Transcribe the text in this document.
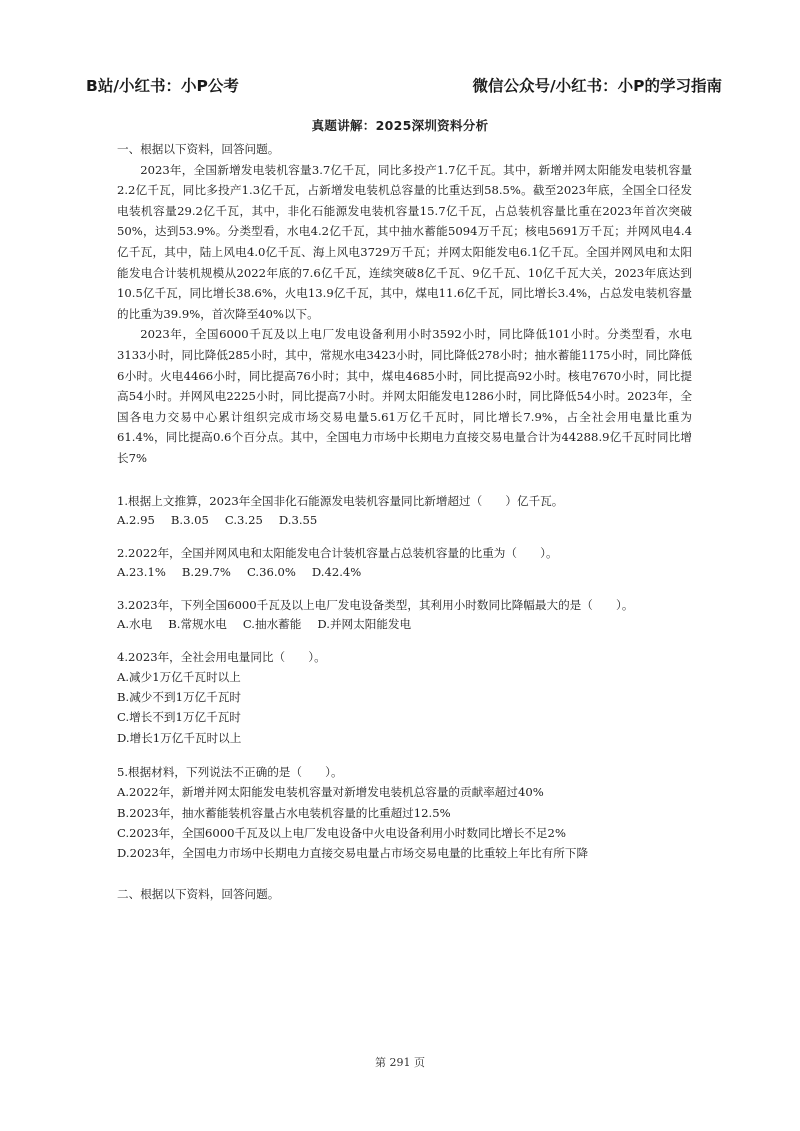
B站/小红书：小P公考	微信公众号/小红书：小P的学习指南
真题讲解：2025深圳资料分析

一、根据以下资料，回答问题。

2023年，全国新增发电装机容量3.7亿千瓦，同比多投产1.7亿千瓦。其中，新增并网太阳能发电装机容量2.2亿千瓦，同比多投产1.3亿千瓦，占新增发电装机总容量的比重达到58.5%。截至2023年底，全国全口径发电装机容量29.2亿千瓦，其中，非化石能源发电装机容量15.7亿千瓦，占总装机容量比重在2023年首次突破50%，达到53.9%。分类型看，水电4.2亿千瓦，其中抽水蓄能5094万千瓦；核电5691万千瓦；并网风电4.4亿千瓦，其中，陆上风电4.0亿千瓦、海上风电3729万千瓦；并网太阳能发电6.1亿千瓦。全国并网风电和太阳能发电合计装机规模从2022年底的7.6亿千瓦，连续突破8亿千瓦、9亿千瓦、10亿千瓦大关，2023年底达到10.5亿千瓦，同比增长38.6%，火电13.9亿千瓦，其中，煤电11.6亿千瓦，同比增长3.4%，占总发电装机容量的比重为39.9%，首次降至40%以下。

2023年，全国6000千瓦及以上电厂发电设备利用小时3592小时，同比降低101小时。分类型看，水电3133小时，同比降低285小时，其中，常规水电3423小时，同比降低278小时；抽水蓄能1175小时，同比降低6小时。火电4466小时，同比提高76小时；其中，煤电4685小时，同比提高92小时。核电7670小时，同比提高54小时。并网风电2225小时，同比提高7小时。并网太阳能发电1286小时，同比降低54小时。2023年，全国各电力交易中心累计组织完成市场交易电量5.61万亿千瓦时，同比增长7.9%，占全社会用电量比重为61.4%，同比提高0.6个百分点。其中，全国电力市场中长期电力直接交易电量合计为44288.9亿千瓦时同比增长7%

1.根据上文推算，2023年全国非化石能源发电装机容量同比新增超过（　　）亿千瓦。

A.2.95 B.3.05 C.3.25 D.3.55

2.2022年，全国并网风电和太阳能发电合计装机容量占总装机容量的比重为（　　）。

A.23.1% B.29.7% C.36.0% D.42.4%

3.2023年，下列全国6000千瓦及以上电厂发电设备类型，其利用小时数同比降幅最大的是（　　）。

A.水电 B.常规水电 C.抽水蓄能 D.并网太阳能发电

4.2023年，全社会用电量同比（　　）。

A.减少1万亿千瓦时以上
B.减少不到1万亿千瓦时
C.增长不到1万亿千瓦时
D.增长1万亿千瓦时以上

5.根据材料，下列说法不正确的是（　　）。

A.2022年，新增并网太阳能发电装机容量对新增发电装机总容量的贡献率超过40%
B.2023年，抽水蓄能装机容量占水电装机容量的比重超过12.5%
C.2023年，全国6000千瓦及以上电厂发电设备中火电设备利用小时数同比增长不足2%
D.2023年，全国电力市场中长期电力直接交易电量占市场交易电量的比重较上年比有所下降

二、根据以下资料，回答问题。

第 291 页
